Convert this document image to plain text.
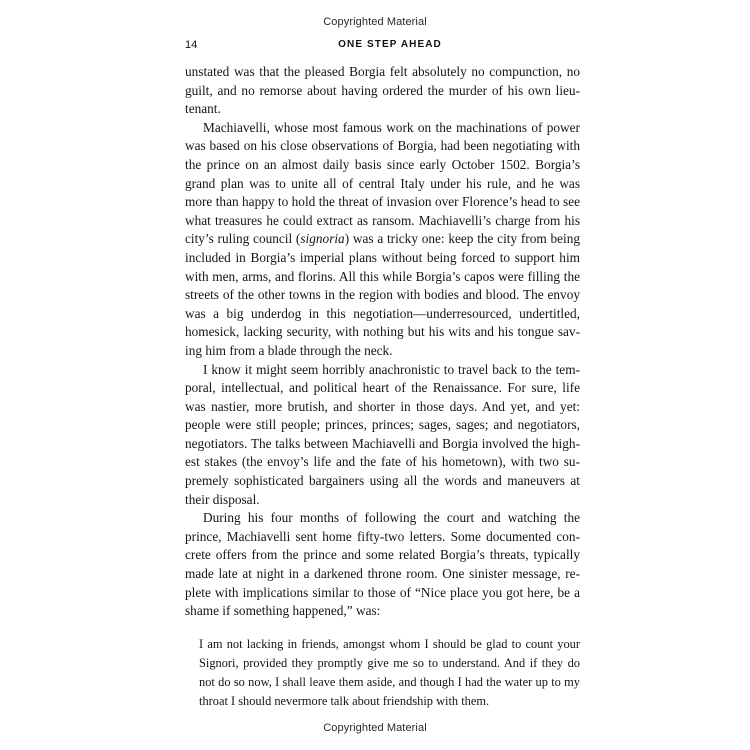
Copyrighted Material
14	ONE STEP AHEAD

unstated was that the pleased Borgia felt absolutely no compunction, no guilt, and no remorse about having ordered the murder of his own lieutenant.

Machiavelli, whose most famous work on the machinations of power was based on his close observations of Borgia, had been negotiating with the prince on an almost daily basis since early October 1502. Borgia’s grand plan was to unite all of central Italy under his rule, and he was more than happy to hold the threat of invasion over Florence’s head to see what treasures he could extract as ransom. Machiavelli’s charge from his city’s ruling council (signoria) was a tricky one: keep the city from being included in Borgia’s imperial plans without being forced to support him with men, arms, and florins. All this while Borgia’s capos were filling the streets of the other towns in the region with bodies and blood. The envoy was a big underdog in this negotiation—underresourced, undertitled, homesick, lacking security, with nothing but his wits and his tongue saving him from a blade through the neck.

I know it might seem horribly anachronistic to travel back to the temporal, intellectual, and political heart of the Renaissance. For sure, life was nastier, more brutish, and shorter in those days. And yet, and yet: people were still people; princes, princes; sages, sages; and negotiators, negotiators. The talks between Machiavelli and Borgia involved the highest stakes (the envoy’s life and the fate of his hometown), with two supremely sophisticated bargainers using all the words and maneuvers at their disposal.

During his four months of following the court and watching the prince, Machiavelli sent home fifty-two letters. Some documented concrete offers from the prince and some related Borgia’s threats, typically made late at night in a darkened throne room. One sinister message, replete with implications similar to those of “Nice place you got here, be a shame if something happened,” was:

I am not lacking in friends, amongst whom I should be glad to count your Signori, provided they promptly give me so to understand. And if they do not do so now, I shall leave them aside, and though I had the water up to my throat I should nevermore talk about friendship with them.

Copyrighted Material
